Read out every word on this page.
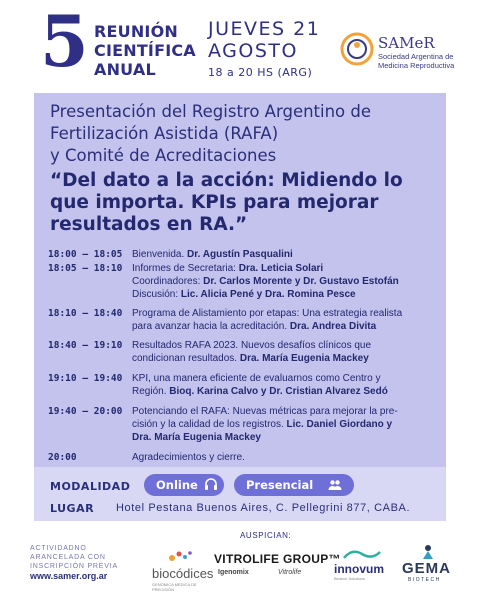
5 REUNIÓN
CIENTÍFICA
ANUAL
JUEVES 21
AGOSTO
18 a 20 HS (ARG)
SAMeR
Sociedad Argentina de
Medicina Reproductiva
Presentación del Registro Argentino de
Fertilización Asistida (RAFA)
y Comité de Acreditaciones
“Del dato a la acción: Midiendo lo
que importa. KPIs para mejorar
resultados en RA.”
18:00 – 18:05 Bienvenida. Dr. Agustín Pasqualini
18:05 – 18:10 Informes de Secretaria: Dra. Leticia Solari
Coordinadores: Dr. Carlos Morente y Dr. Gustavo Estofán
Discusión: Lic. Alicia Pené y Dra. Romina Pesce
18:10 – 18:40 Programa de Alistamiento por etapas: Una estrategia realista
para avanzar hacia la acreditación. Dra. Andrea Divita
18:40 – 19:10 Resultados RAFA 2023. Nuevos desafíos clínicos que
condicionan resultados. Dra. María Eugenia Mackey
19:10 – 19:40 KPI, una manera eficiente de evaluarnos como Centro y
Región. Bioq. Karina Calvo y Dr. Cristian Alvarez Sedó
19:40 – 20:00 Potenciando el RAFA: Nuevas métricas para mejorar la pre-
cisión y la calidad de los registros. Lic. Daniel Giordano y
Dra. María Eugenia Mackey
20:00	Agradecimientos y cierre.
MODALIDAD	Online	Presencial
LUGAR Hotel Pestana Buenos Aires, C. Pellegrini 877, CABA.
ACTIVIDADNO
ARANCELADA CON
INSCRIPCIÓN PREVIA
www.samer.org.ar
AUSPICIAN:
biocódices
GENÓMICA MÉDICA DE PRECISIÓN
VITROLIFE GROUP™
Igenomix	Vitrolife	innovum
Biotech Solutions
GEMA
BIOTECH
